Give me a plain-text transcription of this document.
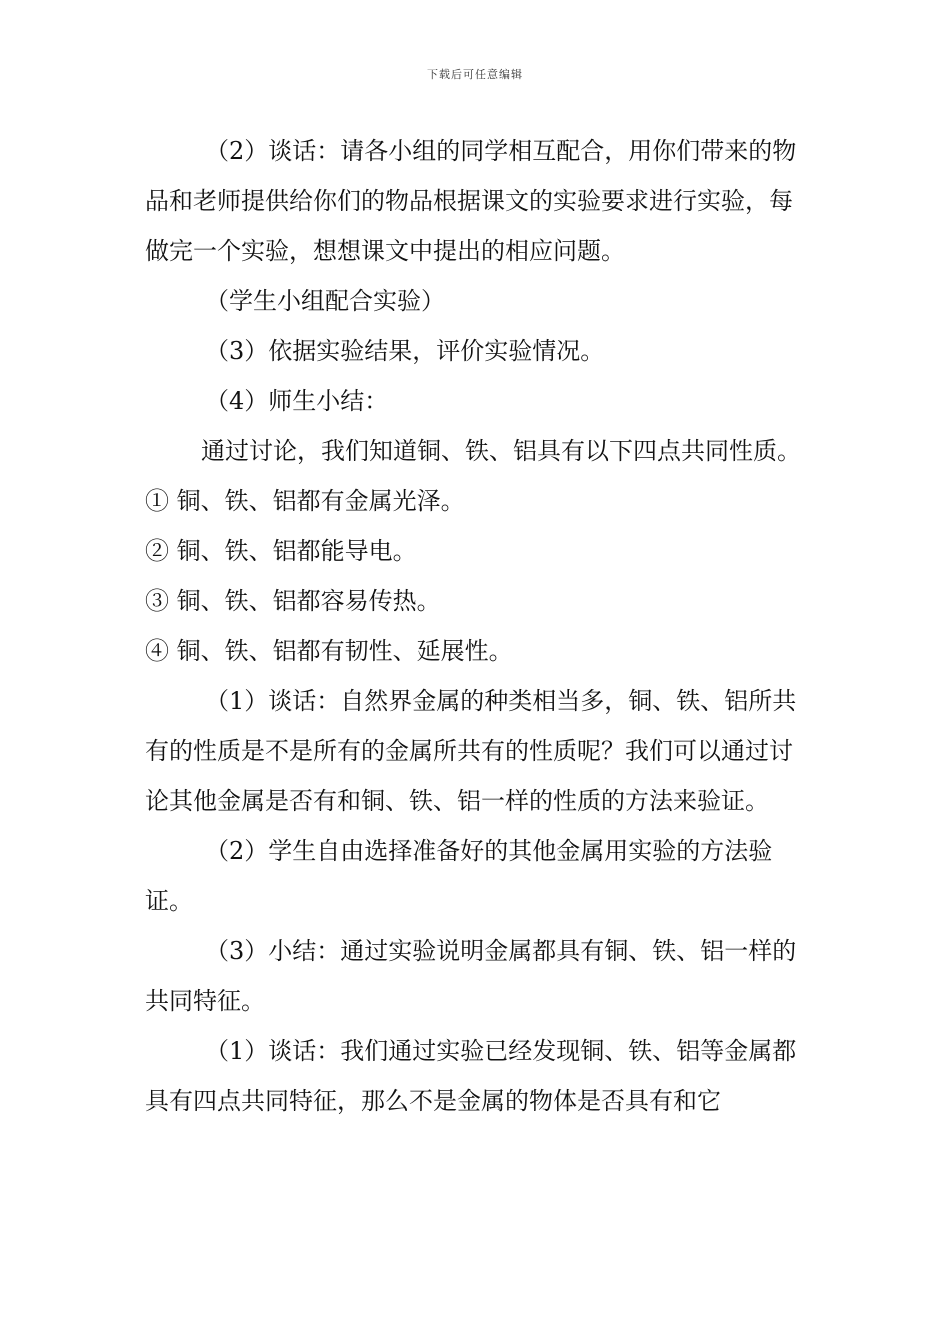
下载后可任意编辑

（2）谈话：请各小组的同学相互配合，用你们带来的物品和老师提供给你们的物品根据课文的实验要求进行实验，每做完一个实验，想想课文中提出的相应问题。

（学生小组配合实验）

（3）依据实验结果，评价实验情况。

（4）师生小结：

通过讨论，我们知道铜、铁、铝具有以下四点共同性质。

① 铜、铁、铝都有金属光泽。

② 铜、铁、铝都能导电。

③ 铜、铁、铝都容易传热。

④ 铜、铁、铝都有韧性、延展性。

（1）谈话：自然界金属的种类相当多，铜、铁、铝所共有的性质是不是所有的金属所共有的性质呢？我们可以通过讨论其他金属是否有和铜、铁、铝一样的性质的方法来验证。

（2）学生自由选择准备好的其他金属用实验的方法验证。

（3）小结：通过实验说明金属都具有铜、铁、铝一样的共同特征。

（1）谈话：我们通过实验已经发现铜、铁、铝等金属都具有四点共同特征，那么不是金属的物体是否具有和它
